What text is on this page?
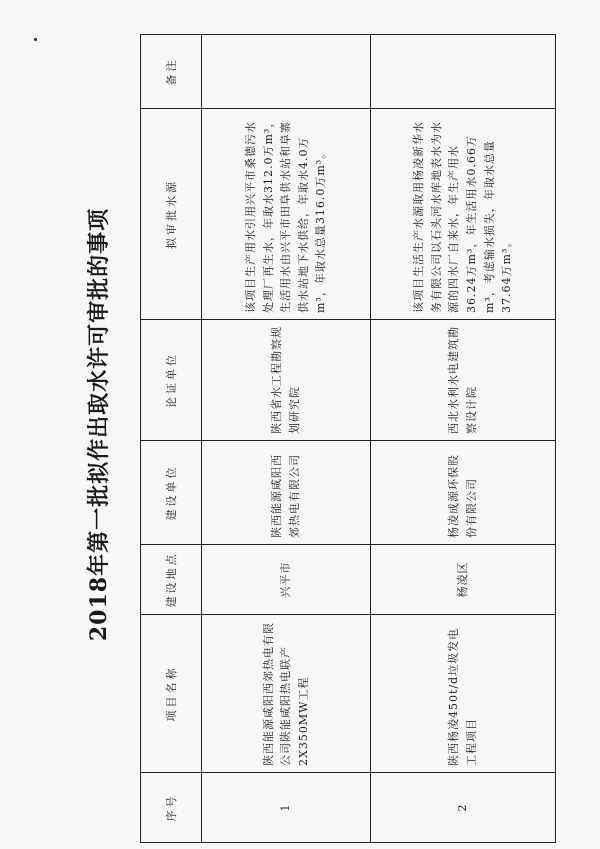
2018年第一批拟作出取水许可审批的事项
序号	项目名称	建设地点	建设单位	论证单位	拟审批水源	备注
1	陕西能源咸阳西郊热电有限公司陕能咸阳热电联产2X350MW工程	兴平市	陕西能源咸阳西郊热电有限公司	陕西省水工程勘察规划研究院	该项目生产用水引用兴平市桑德污水处理厂再生水，年取水312.0万m³，生活用水由兴平市田阜供水站和阜寨供水站地下水供给，年取水4.0万m³，年取水总量316.0万m³。	
2	陕西杨凌450t/d垃圾发电工程项目	杨凌区	杨凌成源环保股份有限公司	西北水利水电建筑勘察设计院	该项目生活生产水源取用杨凌新华水务有限公司以石头河水库地表水为水源的四水厂自来水，年生产用水36.24万m³，年生活用水0.66万m³，考虑输水损失，年取水总量37.64万m³。	
